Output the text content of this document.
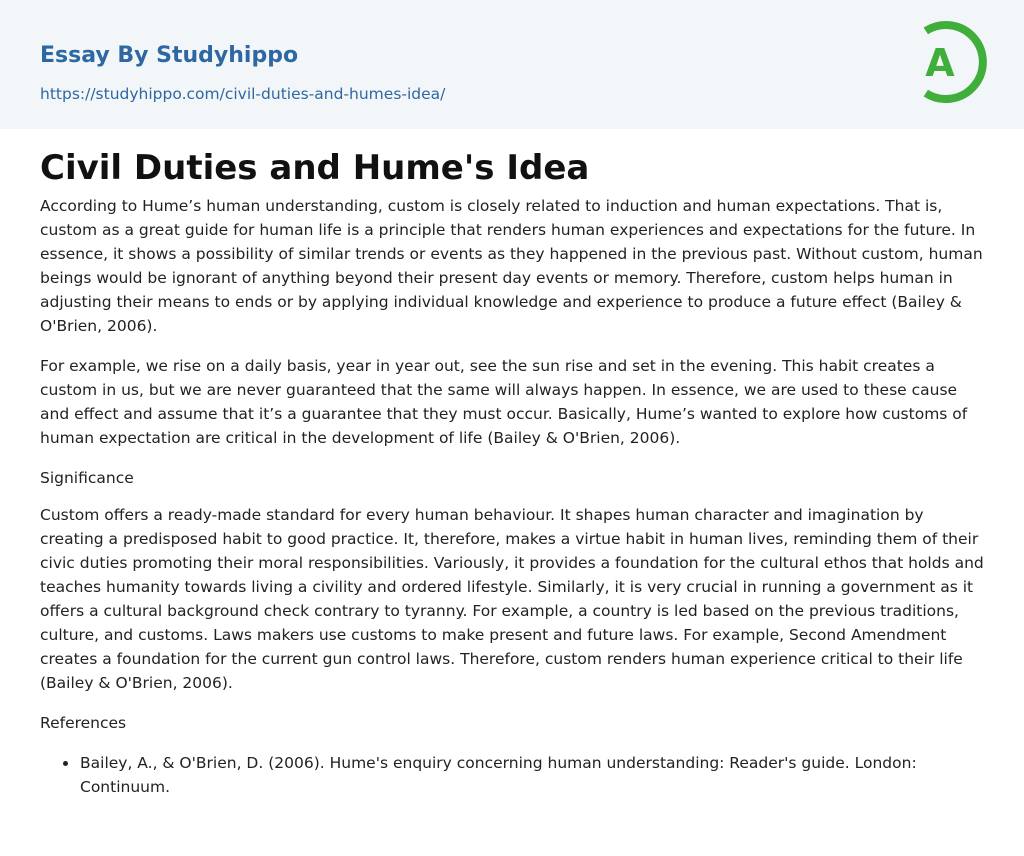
Essay By Studyhippo
https://studyhippo.com/civil-duties-and-humes-idea/
A
Civil Duties and Hume's Idea

According to Hume’s human understanding, custom is closely related to induction and human expectations. That is, custom as a great guide for human life is a principle that renders human experiences and expectations for the future. In essence, it shows a possibility of similar trends or events as they happened in the previous past. Without custom, human beings would be ignorant of anything beyond their present day events or memory. Therefore, custom helps human in adjusting their means to ends or by applying individual knowledge and experience to produce a future effect (Bailey & O'Brien, 2006).

For example, we rise on a daily basis, year in year out, see the sun rise and set in the evening. This habit creates a custom in us, but we are never guaranteed that the same will always happen. In essence, we are used to these cause and effect and assume that it’s a guarantee that they must occur. Basically, Hume’s wanted to explore how customs of human expectation are critical in the development of life (Bailey & O'Brien, 2006).

Significance

Custom offers a ready-made standard for every human behaviour. It shapes human character and imagination by creating a predisposed habit to good practice. It, therefore, makes a virtue habit in human lives, reminding them of their civic duties promoting their moral responsibilities. Variously, it provides a foundation for the cultural ethos that holds and teaches humanity towards living a civility and ordered lifestyle. Similarly, it is very crucial in running a government as it offers a cultural background check contrary to tyranny. For example, a country is led based on the previous traditions, culture, and customs. Laws makers use customs to make present and future laws. For example, Second Amendment creates a foundation for the current gun control laws. Therefore, custom renders human experience critical to their life (Bailey & O'Brien, 2006).

References
Bailey, A., & O'Brien, D. (2006). Hume's enquiry concerning human understanding: Reader's guide. London: Continuum.
